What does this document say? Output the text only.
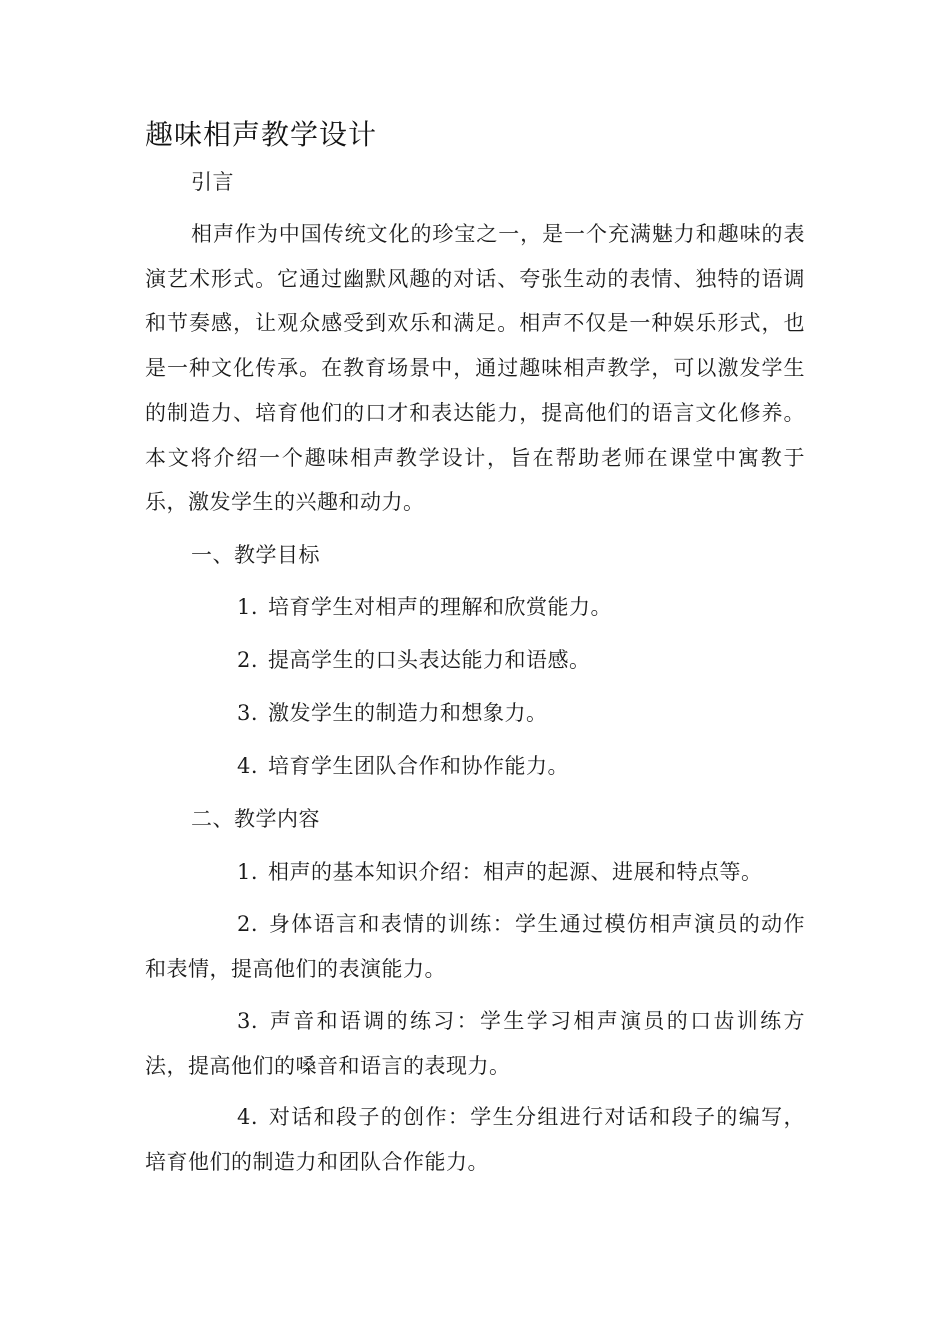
趣味相声教学设计

引言

相声作为中国传统文化的珍宝之一，是一个充满魅力和趣味的表演艺术形式。它通过幽默风趣的对话、夸张生动的表情、独特的语调和节奏感，让观众感受到欢乐和满足。相声不仅是一种娱乐形式，也是一种文化传承。在教育场景中，通过趣味相声教学，可以激发学生的制造力、培育他们的口才和表达能力，提高他们的语言文化修养。本文将介绍一个趣味相声教学设计，旨在帮助老师在课堂中寓教于乐，激发学生的兴趣和动力。

一、教学目标

1. 培育学生对相声的理解和欣赏能力。

2. 提高学生的口头表达能力和语感。

3. 激发学生的制造力和想象力。

4. 培育学生团队合作和协作能力。

二、教学内容

1. 相声的基本知识介绍：相声的起源、进展和特点等。

2. 身体语言和表情的训练：学生通过模仿相声演员的动作和表情，提高他们的表演能力。

3. 声音和语调的练习：学生学习相声演员的口齿训练方法，提高他们的嗓音和语言的表现力。

4. 对话和段子的创作：学生分组进行对话和段子的编写，培育他们的制造力和团队合作能力。
